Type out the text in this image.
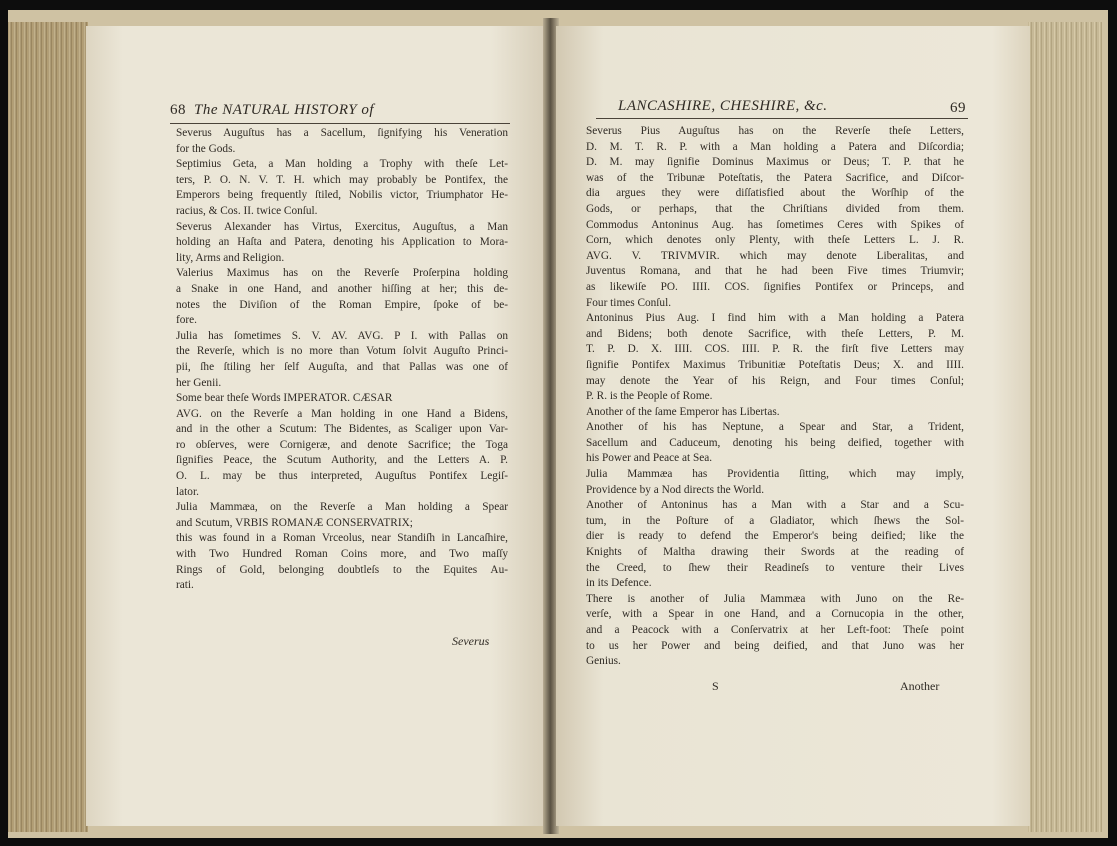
68 The NATURAL HISTORY of
Severus Auguſtus has a Sacellum, ſignifying his Veneration
for the Gods.
Septimius Geta, a Man holding a Trophy with theſe Let-
ters, P. O. N. V. T. H. which may probably be Pontifex, the
Emperors being frequently ſtiled, Nobilis victor, Triumphator He-
racius, & Cos. II. twice Conſul.
Severus Alexander has Virtus, Exercitus, Auguſtus, a Man
holding an Haſta and Patera, denoting his Application to Mora-
lity, Arms and Religion.
Valerius Maximus has on the Reverſe Proſerpina holding
a Snake in one Hand, and another hiſſing at her; this de-
notes the Diviſion of the Roman Empire, ſpoke of be-
fore.
Julia has ſometimes S. V. AV. AVG. P I. with Pallas on
the Reverſe, which is no more than Votum ſolvit Auguſto Princi-
pii, ſhe ſtiling her ſelf Auguſta, and that Pallas was one of
her Genii.
Some bear theſe Words IMPERATOR. CÆSAR
AVG. on the Reverſe a Man holding in one Hand a Bidens,
and in the other a Scutum: The Bidentes, as Scaliger upon Var-
ro obſerves, were Cornigeræ, and denote Sacrifice; the Toga
ſignifies Peace, the Scutum Authority, and the Letters A. P.
O. L. may be thus interpreted, Auguſtus Pontifex Legiſ-
lator.
Julia Mammæa, on the Reverſe a Man holding a Spear
and Scutum, VRBIS ROMANÆ CONSERVATRIX;
this was found in a Roman Vrceolus, near Standiſh in Lancaſhire,
with Two Hundred Roman Coins more, and Two maſſy
Rings of Gold, belonging doubtleſs to the Equites Au-
rati.
Severus
LANCASHIRE, CHESHIRE, &c.	69
Severus Pius Auguſtus has on the Reverſe theſe Letters,
D. M. T. R. P. with a Man holding a Patera and Diſcordia;
D. M. may ſignifie Dominus Maximus or Deus; T. P. that he
was of the Tribunæ Poteſtatis, the Patera Sacrifice, and Diſcor-
dia argues they were diſſatisfied about the Worſhip of the
Gods, or perhaps, that the Chriſtians divided from them.
Commodus Antoninus Aug. has ſometimes Ceres with Spikes of
Corn, which denotes only Plenty, with theſe Letters L. J. R.
AVG. V. TRIVMVIR. which may denote Liberalitas, and
Juventus Romana, and that he had been Five times Triumvir;
as likewiſe PO. IIII. COS. ſignifies Pontifex or Princeps, and
Four times Conſul.
Antoninus Pius Aug. I find him with a Man holding a Patera
and Bidens; both denote Sacrifice, with theſe Letters, P. M.
T. P. D. X. IIII. COS. IIII. P. R. the firſt five Letters may
ſignifie Pontifex Maximus Tribunitiæ Poteſtatis Deus; X. and IIII.
may denote the Year of his Reign, and Four times Conſul;
P. R. is the People of Rome.
Another of the ſame Emperor has Libertas.
Another of his has Neptune, a Spear and Star, a Trident,
Sacellum and Caduceum, denoting his being deified, together with
his Power and Peace at Sea.
Julia Mammæa has Providentia ſitting, which may imply,
Providence by a Nod directs the World.
Another of Antoninus has a Man with a Star and a Scu-
tum, in the Poſture of a Gladiator, which ſhews the Sol-
dier is ready to defend the Emperor's being deified; like the
Knights of Maltha drawing their Swords at the reading of
the Creed, to ſhew their Readineſs to venture their Lives
in its Defence.
There is another of Julia Mammæa with Juno on the Re-
verſe, with a Spear in one Hand, and a Cornucopia in the other,
and a Peacock with a Conſervatrix at her Left-foot: Theſe point
to us her Power and being deified, and that Juno was her
Genius.
S	Another
